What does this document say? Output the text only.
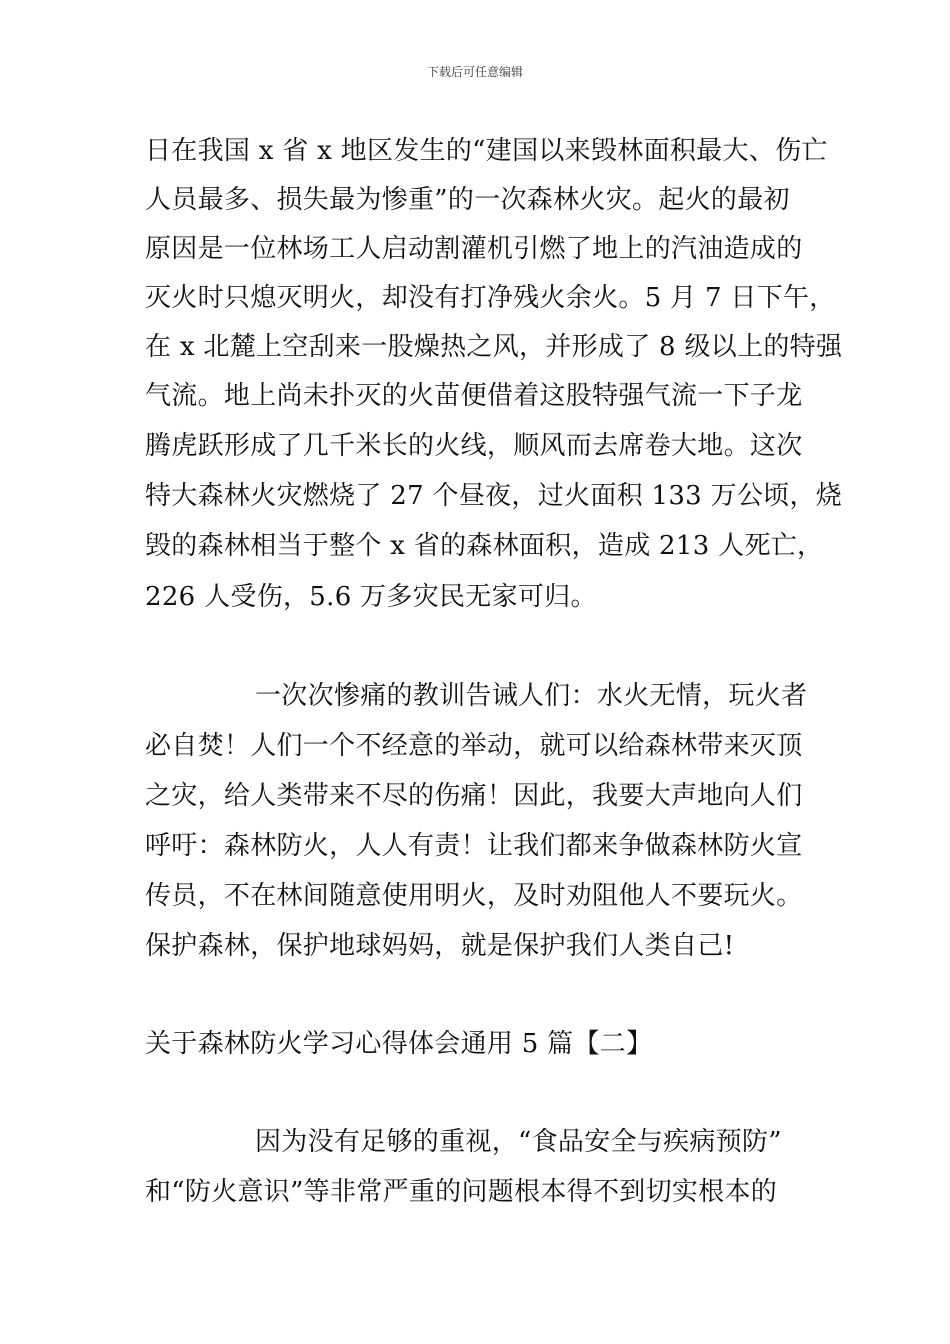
下载后可任意编辑
日在我国 x 省 x 地区发生的“建国以来毁林面积最大、伤亡
人员最多、损失最为惨重”的一次森林火灾。起火的最初
原因是一位林场工人启动割灌机引燃了地上的汽油造成的
灭火时只熄灭明火，却没有打净残火余火。5 月 7 日下午，
在 x 北麓上空刮来一股燥热之风，并形成了 8 级以上的特强
气流。地上尚未扑灭的火苗便借着这股特强气流一下子龙
腾虎跃形成了几千米长的火线，顺风而去席卷大地。这次
特大森林火灾燃烧了 27 个昼夜，过火面积 133 万公顷，烧
毁的森林相当于整个 x 省的森林面积，造成 213 人死亡，
226 人受伤，5.6 万多灾民无家可归。
一次次惨痛的教训告诫人们：水火无情，玩火者
必自焚！人们一个不经意的举动，就可以给森林带来灭顶
之灾，给人类带来不尽的伤痛！因此，我要大声地向人们
呼吁：森林防火，人人有责！让我们都来争做森林防火宣
传员，不在林间随意使用明火，及时劝阻他人不要玩火。
保护森林，保护地球妈妈，就是保护我们人类自己!
关于森林防火学习心得体会通用 5 篇【二】
因为没有足够的重视，“食品安全与疾病预防”
和“防火意识”等非常严重的问题根本得不到切实根本的
